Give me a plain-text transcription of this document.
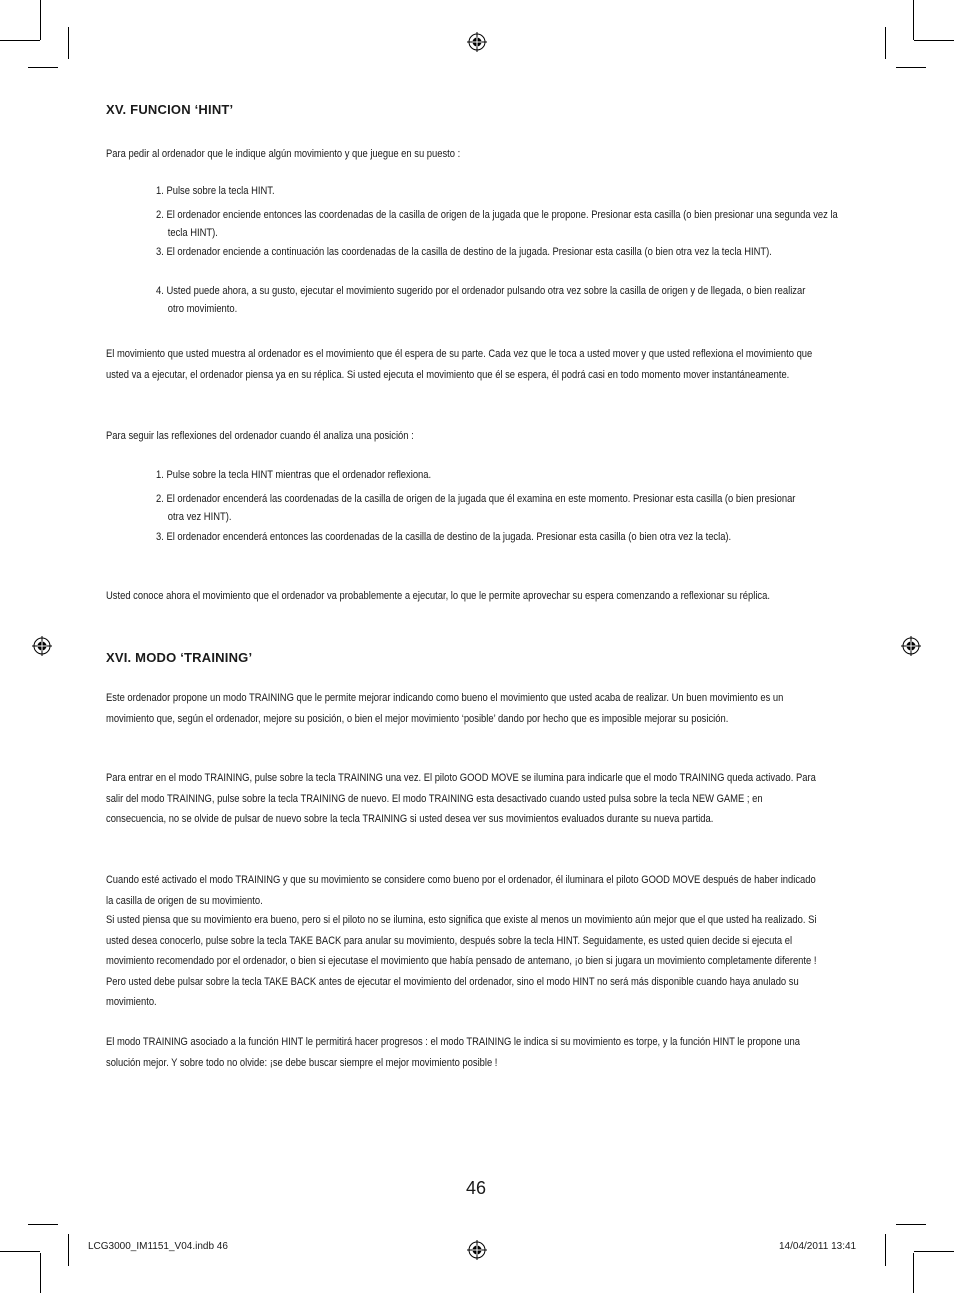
XV. FUNCION ‘HINT’
Para pedir al ordenador que le indique algún movimiento y que juegue en su puesto :
1. Pulse sobre la tecla HINT.
2. El ordenador enciende entonces las coordenadas de la casilla de origen de la jugada que le propone. Presionar esta casilla (o bien presionar una segunda vez la tecla HINT).
3. El ordenador enciende a continuación las coordenadas de la casilla de destino de la jugada. Presionar esta casilla (o bien otra vez la tecla HINT).
4. Usted puede ahora, a su gusto, ejecutar el movimiento sugerido por el ordenador pulsando otra vez sobre la casilla de origen y de llegada, o bien realizar otro movimiento.
El movimiento que usted muestra al ordenador es el movimiento que él espera de su parte. Cada vez que le toca a usted mover y que usted reflexiona el movimiento que usted va a ejecutar, el ordenador piensa ya en su réplica. Si usted ejecuta el movimiento que él se espera, él podrá casi en todo momento mover instantáneamente.
Para seguir las reflexiones del ordenador cuando él analiza una posición :
1. Pulse sobre la tecla HINT mientras que el ordenador reflexiona.
2. El ordenador encenderá las coordenadas de la casilla de origen de la jugada que él examina en este momento. Presionar esta casilla (o bien presionar otra vez HINT).
3. El ordenador encenderá entonces las coordenadas de la casilla de destino de la jugada. Presionar esta casilla (o bien otra vez la tecla).
Usted conoce ahora el movimiento que el ordenador va probablemente a ejecutar, lo que le permite aprovechar su espera comenzando a reflexionar su réplica.
XVI. MODO ‘TRAINING’
Este ordenador propone un modo TRAINING que le permite mejorar indicando como bueno el movimiento que usted acaba de realizar. Un buen movimiento es un movimiento que, según el ordenador, mejore su posición, o bien el mejor movimiento ‘posible’ dando por hecho que es imposible mejorar su posición.
Para entrar en el modo TRAINING, pulse sobre la tecla TRAINING una vez. El piloto GOOD MOVE se ilumina para indicarle que el modo TRAINING queda activado. Para salir del modo TRAINING, pulse sobre la tecla TRAINING de nuevo. El modo TRAINING esta desactivado cuando usted pulsa sobre la tecla NEW GAME ; en consecuencia, no se olvide de pulsar de nuevo sobre la tecla TRAINING si usted desea ver sus movimientos evaluados durante su nueva partida.
Cuando esté activado el modo TRAINING y que su movimiento se considere como bueno por el ordenador, él iluminara el piloto GOOD MOVE después de haber indicado la casilla de origen de su movimiento.
Si usted piensa que su movimiento era bueno, pero si el piloto no se ilumina, esto significa que existe al menos un movimiento aún mejor que el que usted ha realizado. Si usted desea conocerlo, pulse sobre la tecla TAKE BACK para anular su movimiento, después sobre la tecla HINT. Seguidamente, es usted quien decide si ejecuta el movimiento recomendado por el ordenador, o bien si ejecutase el movimiento que había pensado de antemano, ¡o bien si jugara un movimiento completamente diferente ! Pero usted debe pulsar sobre la tecla TAKE BACK antes de ejecutar el movimiento del ordenador, sino el modo HINT no será más disponible cuando haya anulado su movimiento.
El modo TRAINING asociado a la función HINT le permitirá hacer progresos : el modo TRAINING le indica si su movimiento es torpe, y la función HINT le propone una solución mejor. Y sobre todo no olvide: ¡se debe buscar siempre el mejor movimiento posible !
46
LCG3000_IM1151_V04.indb 46	14/04/2011 13:41
